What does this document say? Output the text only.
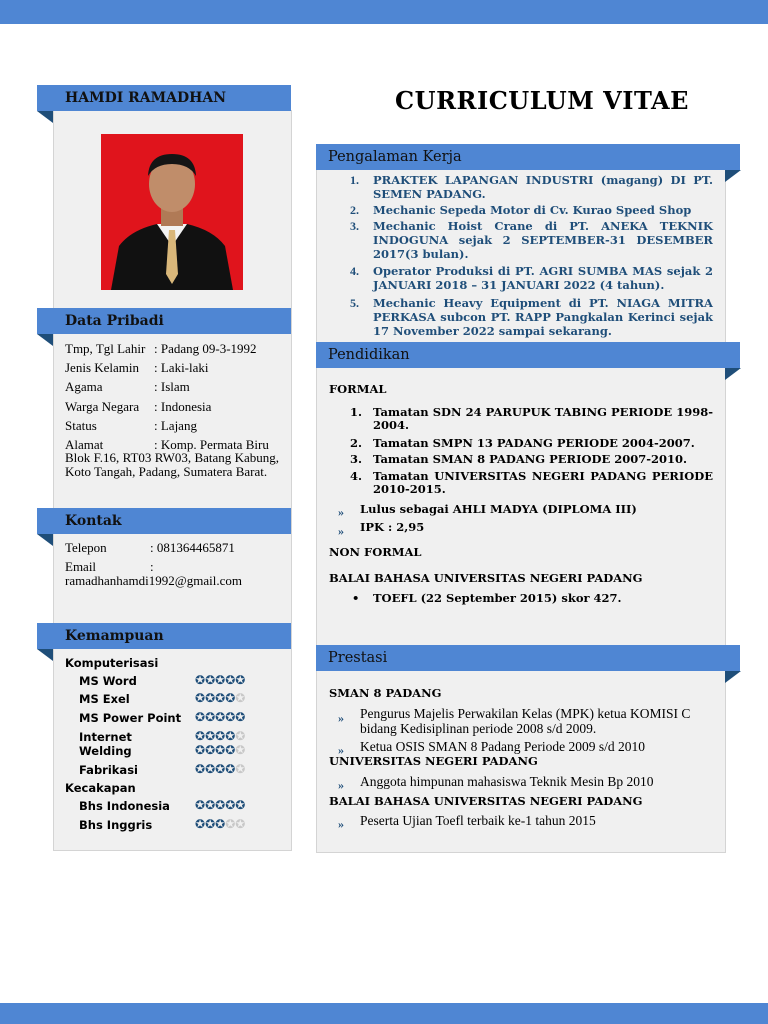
CURRICULUM VITAE
HAMDI RAMADHAN
Data Pribadi
Tmp, Tgl Lahir : Padang 09-3-1992
Jenis Kelamin : Laki-laki
Agama	: Islam
Warga Negara : Indonesia
Status	: Lajang
Alamat	: Komp. Permata Biru
Blok F.16, RT03 RW03, Batang Kabung, Koto Tangah, Padang, Sumatera Barat.
Kontak
Telepon	: 081364465871
Email	:
ramadhanhamdi1992@gmail.com
Kemampuan
Komputerisasi
MS Word	✪✪✪✪✪
MS Exel	✪✪✪✪✪
MS Power Point ✪✪✪✪✪
Internet	✪✪✪✪✪
Welding	✪✪✪✪✪
Fabrikasi	✪✪✪✪✪
Kecakapan
Bhs Indonesia ✪✪✪✪✪
Bhs Inggris	✪✪✪✪✪
Pengalaman Kerja
1. PRAKTEK LAPANGAN INDUSTRI (magang) DI PT. SEMEN PADANG.
2. Mechanic Sepeda Motor di Cv. Kurao Speed Shop
3. Mechanic Hoist Crane di PT. ANEKA TEKNIK INDOGUNA sejak 2 SEPTEMBER-31 DESEMBER 2017(3 bulan).
4. Operator Produksi di PT. AGRI SUMBA MAS sejak 2 JANUARI 2018 – 31 JANUARI 2022 (4 tahun).
5. Mechanic Heavy Equipment di PT. NIAGA MITRA PERKASA subcon PT. RAPP Pangkalan Kerinci sejak 17 November 2022 sampai sekarang.
Pendidikan
FORMAL
1. Tamatan SDN 24 PARUPUK TABING PERIODE 1998-2004.
2. Tamatan SMPN 13 PADANG PERIODE 2004-2007.
3. Tamatan SMAN 8 PADANG PERIODE 2007-2010.
4. Tamatan UNIVERSITAS NEGERI PADANG PERIODE 2010-2015.
» Lulus sebagai AHLI MADYA (DIPLOMA III)
» IPK : 2,95
NON FORMAL
BALAI BAHASA UNIVERSITAS NEGERI PADANG
• TOEFL (22 September 2015) skor 427.
Prestasi
SMAN 8 PADANG
» Pengurus Majelis Perwakilan Kelas (MPK) ketua KOMISI C bidang Kedisiplinan periode 2008 s/d 2009.
» Ketua OSIS SMAN 8 Padang Periode 2009 s/d 2010
UNIVERSITAS NEGERI PADANG
» Anggota himpunan mahasiswa Teknik Mesin Bp 2010
BALAI BAHASA UNIVERSITAS NEGERI PADANG
» Peserta Ujian Toefl terbaik ke-1 tahun 2015
